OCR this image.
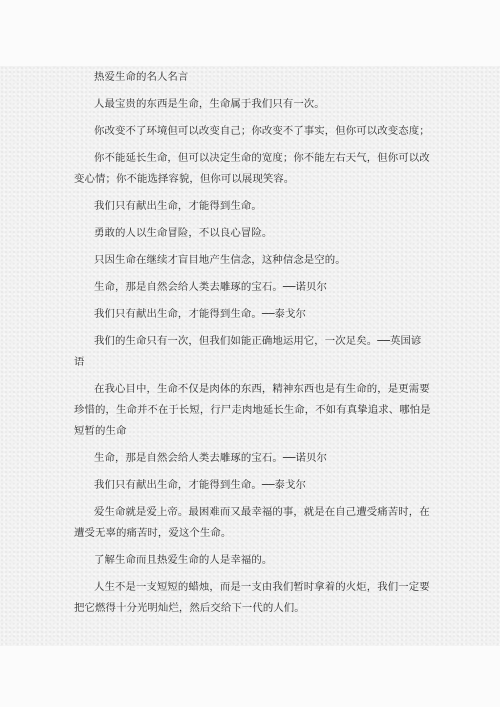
热爱生命的名人名言

人最宝贵的东西是生命，生命属于我们只有一次。

你改变不了环境但可以改变自己；你改变不了事实，但你可以改变态度；

你不能延长生命，但可以决定生命的宽度；你不能左右天气，但你可以改
变心情；你不能选择容貌，但你可以展现笑容。

我们只有献出生命，才能得到生命。

勇敢的人以生命冒险，不以良心冒险。

只因生命在继续才盲目地产生信念，这种信念是空的。

生命，那是自然会给人类去雕琢的宝石。──诺贝尔

我们只有献出生命，才能得到生命。──泰戈尔

我们的生命只有一次，但我们如能正确地运用它，一次足矣。──英国谚
语

在我心目中，生命不仅是肉体的东西，精神东西也是有生命的，是更需要
珍惜的，生命并不在于长短，行尸走肉地延长生命，不如有真挚追求、哪怕是
短暂的生命

生命，那是自然会给人类去雕琢的宝石。──诺贝尔

我们只有献出生命，才能得到生命。──泰戈尔

爱生命就是爱上帝。最困难而又最幸福的事，就是在自己遭受痛苦时，在
遭受无辜的痛苦时，爱这个生命。

了解生命而且热爱生命的人是幸福的。

人生不是一支短短的蜡烛，而是一支由我们暂时拿着的火炬，我们一定要
把它燃得十分光明灿烂，然后交给下一代的人们。
